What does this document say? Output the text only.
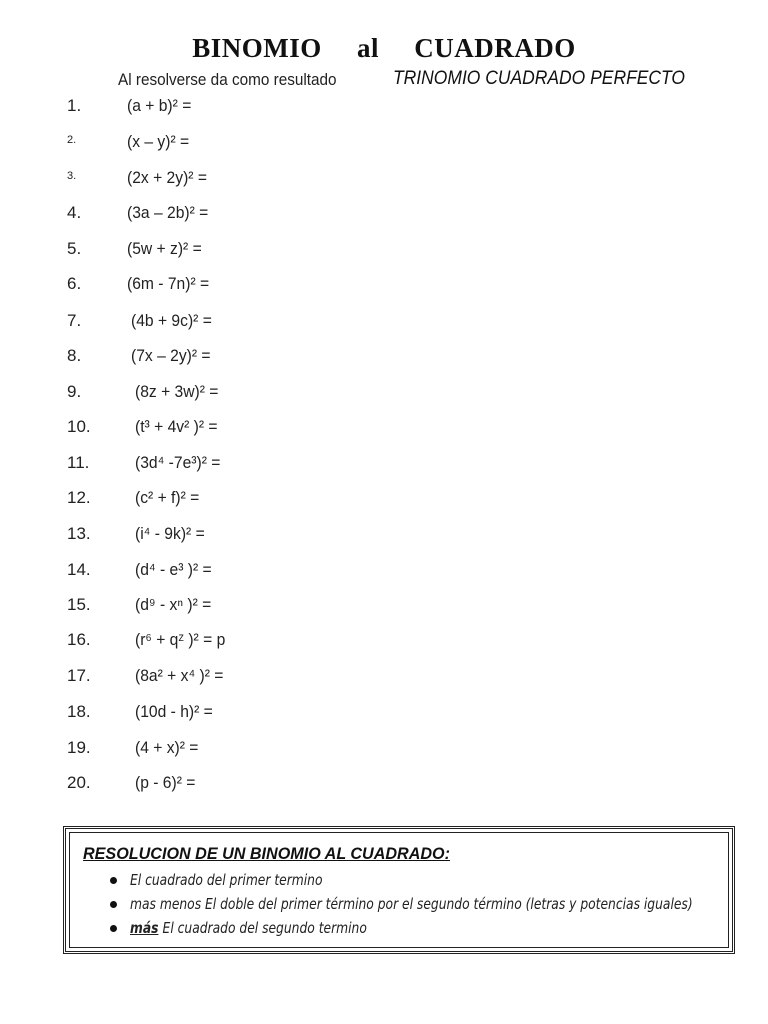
BINOMIO al CUADRADO
Al resolverse da como resultado	TRINOMIO CUADRADO PERFECTO
1.	(a + b)² =
2.	(x – y)² =
3.	(2x + 2y)² =
4.	(3a – 2b)² =
5.	(5w + z)² =
6.	(6m - 7n)² =
7.	(4b + 9c)² =
8.	(7x – 2y)² =
9.	(8z + 3w)² =
10.	(t³ + 4v² )² =
11.	(3d⁴ -7e³)² =
12.	(c² + f)² =
13.	(i⁴ - 9k)² =
14.	(d⁴ - e³ )² =
15.	(d⁹ - xⁿ )² =
16.	(r⁶ + qᶻ )² = p
17.	(8a² + x⁴ )² =
18.	(10d - h)² =
19.	(4 + x)² =
20.	(p - 6)² =
RESOLUCION DE UN BINOMIO AL CUADRADO:
El cuadrado del primer termino
mas menos El doble del primer término por el segundo término (letras y potencias iguales)
más El cuadrado del segundo termino
